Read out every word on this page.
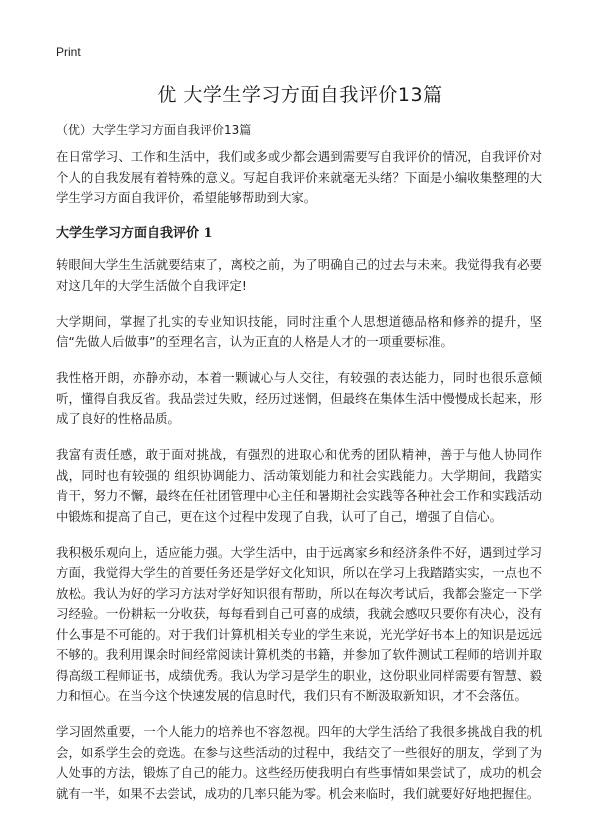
Print
优 大学生学习方面自我评价13篇
（优）大学生学习方面自我评价13篇

在日常学习、工作和生活中，我们或多或少都会遇到需要写自我评价的情况，自我评价对个人的自我发展有着特殊的意义。写起自我评价来就毫无头绪？下面是小编收集整理的大学生学习方面自我评价，希望能够帮助到大家。

大学生学习方面自我评价 1

转眼间大学生生活就要结束了，离校之前，为了明确自己的过去与未来。我觉得我有必要对这几年的大学生活做个自我评定!

大学期间，掌握了扎实的专业知识技能，同时注重个人思想道德品格和修养的提升，坚信“先做人后做事”的至理名言，认为正直的人格是人才的一项重要标准。

我性格开朗，亦静亦动，本着一颗诚心与人交往，有较强的表达能力，同时也很乐意倾听，懂得自我反省。我品尝过失败，经历过迷惘，但最终在集体生活中慢慢成长起来，形成了良好的性格品质。

我富有责任感，敢于面对挑战，有强烈的进取心和优秀的团队精神，善于与他人协同作战，同时也有较强的 组织协调能力、活动策划能力和社会实践能力。大学期间，我踏实肯干，努力不懈，最终在任社团管理中心主任和暑期社会实践等各种社会工作和实践活动中锻炼和提高了自己，更在这个过程中发现了自我，认可了自己，增强了自信心。

我积极乐观向上，适应能力强。大学生活中，由于远离家乡和经济条件不好，遇到过学习方面，我觉得大学生的首要任务还是学好文化知识，所以在学习上我踏踏实实，一点也不放松。我认为好的学习方法对学好知识很有帮助，所以在每次考试后，我都会鉴定一下学习经验。一份耕耘一分收获，每每看到自己可喜的成绩，我就会感叹只要你有决心，没有什么事是不可能的。对于我们计算机相关专业的学生来说，光光学好书本上的知识是远远不够的。我利用课余时间经常阅读计算机类的书籍，并参加了软件测试工程师的培训并取得高级工程师证书，成绩优秀。我认为学习是学生的职业，这份职业同样需要有智慧、毅力和恒心。在当今这个快速发展的信息时代，我们只有不断汲取新知识，才不会落伍。

学习固然重要，一个人能力的培养也不容忽视。四年的大学生活给了我很多挑战自我的机会，如系学生会的竞选。在参与这些活动的过程中，我结交了一些很好的朋友，学到了为人处事的方法，锻炼了自己的能力。这些经历使我明白有些事情如果尝试了，成功的机会就有一半，如果不去尝试，成功的几率只能为零。机会来临时，我们就要好好地把握住。
